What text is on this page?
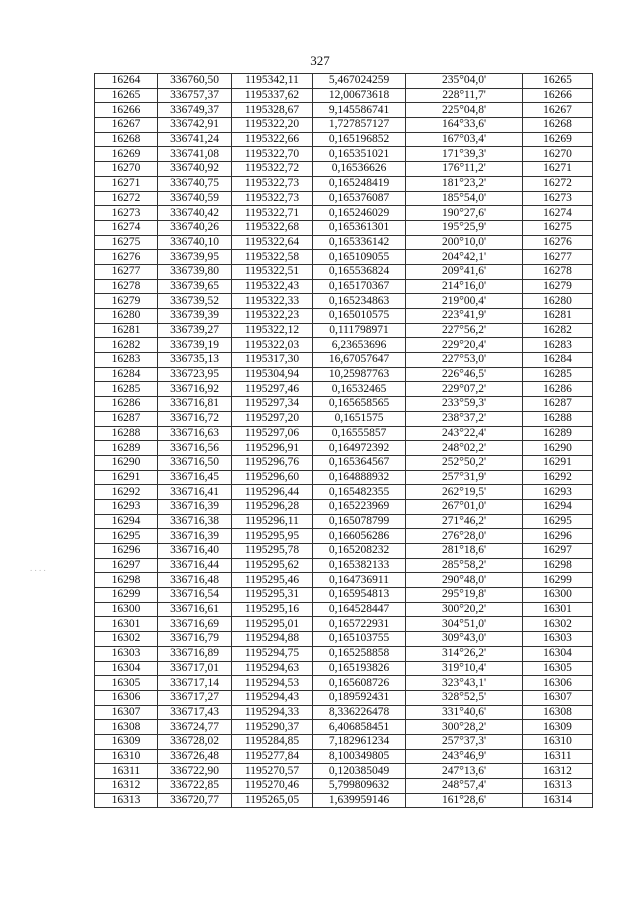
327
. . . .
16264	336760,50	1195342,11	5,467024259	235°04,0'	16265
16265	336757,37	1195337,62	12,00673618	228°11,7'	16266
16266	336749,37	1195328,67	9,145586741	225°04,8'	16267
16267	336742,91	1195322,20	1,727857127	164°33,6'	16268
16268	336741,24	1195322,66	0,165196852	167°03,4'	16269
16269	336741,08	1195322,70	0,165351021	171°39,3'	16270
16270	336740,92	1195322,72	0,16536626	176°11,2'	16271
16271	336740,75	1195322,73	0,165248419	181°23,2'	16272
16272	336740,59	1195322,73	0,165376087	185°54,0'	16273
16273	336740,42	1195322,71	0,165246029	190°27,6'	16274
16274	336740,26	1195322,68	0,165361301	195°25,9'	16275
16275	336740,10	1195322,64	0,165336142	200°10,0'	16276
16276	336739,95	1195322,58	0,165109055	204°42,1'	16277
16277	336739,80	1195322,51	0,165536824	209°41,6'	16278
16278	336739,65	1195322,43	0,165170367	214°16,0'	16279
16279	336739,52	1195322,33	0,165234863	219°00,4'	16280
16280	336739,39	1195322,23	0,165010575	223°41,9'	16281
16281	336739,27	1195322,12	0,111798971	227°56,2'	16282
16282	336739,19	1195322,03	6,23653696	229°20,4'	16283
16283	336735,13	1195317,30	16,67057647	227°53,0'	16284
16284	336723,95	1195304,94	10,25987763	226°46,5'	16285
16285	336716,92	1195297,46	0,16532465	229°07,2'	16286
16286	336716,81	1195297,34	0,165658565	233°59,3'	16287
16287	336716,72	1195297,20	0,1651575	238°37,2'	16288
16288	336716,63	1195297,06	0,16555857	243°22,4'	16289
16289	336716,56	1195296,91	0,164972392	248°02,2'	16290
16290	336716,50	1195296,76	0,165364567	252°50,2'	16291
16291	336716,45	1195296,60	0,164888932	257°31,9'	16292
16292	336716,41	1195296,44	0,165482355	262°19,5'	16293
16293	336716,39	1195296,28	0,165223969	267°01,0'	16294
16294	336716,38	1195296,11	0,165078799	271°46,2'	16295
16295	336716,39	1195295,95	0,166056286	276°28,0'	16296
16296	336716,40	1195295,78	0,165208232	281°18,6'	16297
16297	336716,44	1195295,62	0,165382133	285°58,2'	16298
16298	336716,48	1195295,46	0,164736911	290°48,0'	16299
16299	336716,54	1195295,31	0,165954813	295°19,8'	16300
16300	336716,61	1195295,16	0,164528447	300°20,2'	16301
16301	336716,69	1195295,01	0,165722931	304°51,0'	16302
16302	336716,79	1195294,88	0,165103755	309°43,0'	16303
16303	336716,89	1195294,75	0,165258858	314°26,2'	16304
16304	336717,01	1195294,63	0,165193826	319°10,4'	16305
16305	336717,14	1195294,53	0,165608726	323°43,1'	16306
16306	336717,27	1195294,43	0,189592431	328°52,5'	16307
16307	336717,43	1195294,33	8,336226478	331°40,6'	16308
16308	336724,77	1195290,37	6,406858451	300°28,2'	16309
16309	336728,02	1195284,85	7,182961234	257°37,3'	16310
16310	336726,48	1195277,84	8,100349805	243°46,9'	16311
16311	336722,90	1195270,57	0,120385049	247°13,6'	16312
16312	336722,85	1195270,46	5,799809632	248°57,4'	16313
16313	336720,77	1195265,05	1,639959146	161°28,6'	16314
